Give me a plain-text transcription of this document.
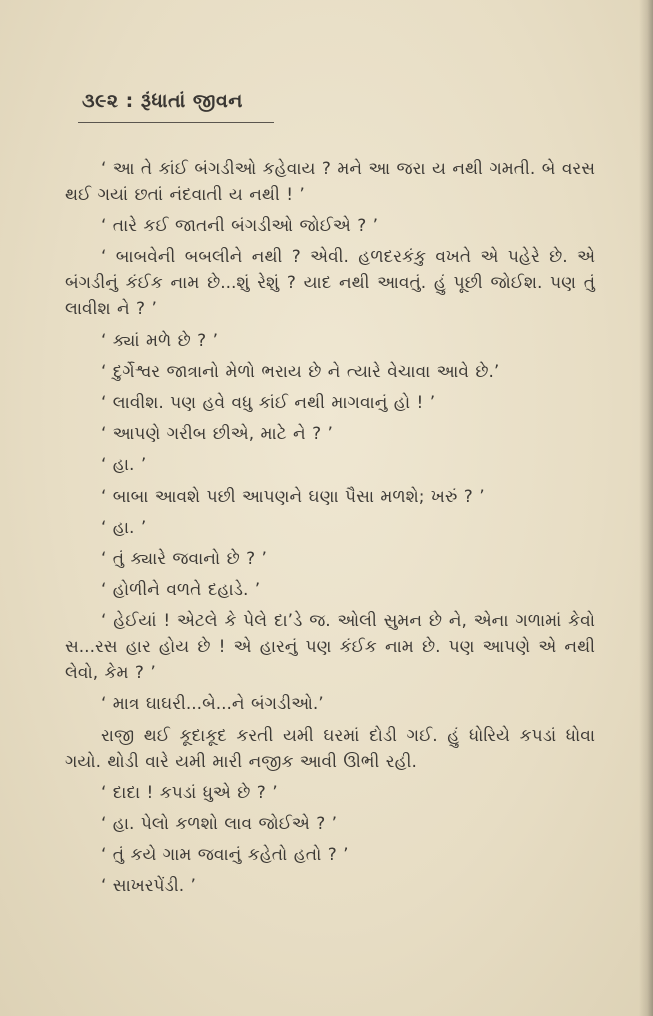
૩૯૨ : રૂંધાતાં જીવન

‘ આ તે કાંઈ બંગડીઓ કહેવાય ? મને આ જરા ય નથી ગમતી. બે વરસ થઈ ગયાં છતાં નંદવાતી ય નથી ! ’

‘ તારે કઈ જાતની બંગડીઓ જોઈએ ? ’

‘ બાબવેની બબલીને નથી ? એવી. હળદરકંકુ વખતે એ પહેરે છે. એ બંગડીનું કંઈક નામ છે...શું રેશું ? યાદ નથી આવતું. હું પૂછી જોઈશ. પણ તું લાવીશ ને ? ’

‘ ક્યાં મળે છે ? ’

‘ દુર્ગેશ્વર જાત્રાનો મેળો ભરાય છે ને ત્યારે વેચાવા આવે છે.’

‘ લાવીશ. પણ હવે વધુ કાંઈ નથી માગવાનું હો ! ’

‘ આપણે ગરીબ છીએ, માટે ને ? ’

‘ હા. ’

‘ બાબા આવશે પછી આપણને ઘણા પૈસા મળશે; ખરું ? ’

‘ હા. ’

‘ તું ક્યારે જવાનો છે ? ’

‘ હોળીને વળતે દહાડે. ’

‘ હેઈયાં ! એટલે કે પેલે દા’ડે જ. ઓલી સુમન છે ને, એના ગળામાં કેવો સ...રસ હાર હોય છે ! એ હારનું પણ કંઈક નામ છે. પણ આપણે એ નથી લેવો, કેમ ? ’

‘ માત્ર ઘાઘરી...બે...ને બંગડીઓ.’

રાજી થઈ કૂદાકૂદ કરતી યમી ઘરમાં દોડી ગઈ. હું ધોરિયે કપડાં ધોવા ગયો. થોડી વારે યમી મારી નજીક આવી ઊભી રહી.

‘ દાદા ! કપડાં ધુએ છે ? ’

‘ હા. પેલો કળશો લાવ જોઈએ ? ’

‘ તું કયે ગામ જવાનું કહેતો હતો ? ’

‘ સાખરપેંડી. ’
